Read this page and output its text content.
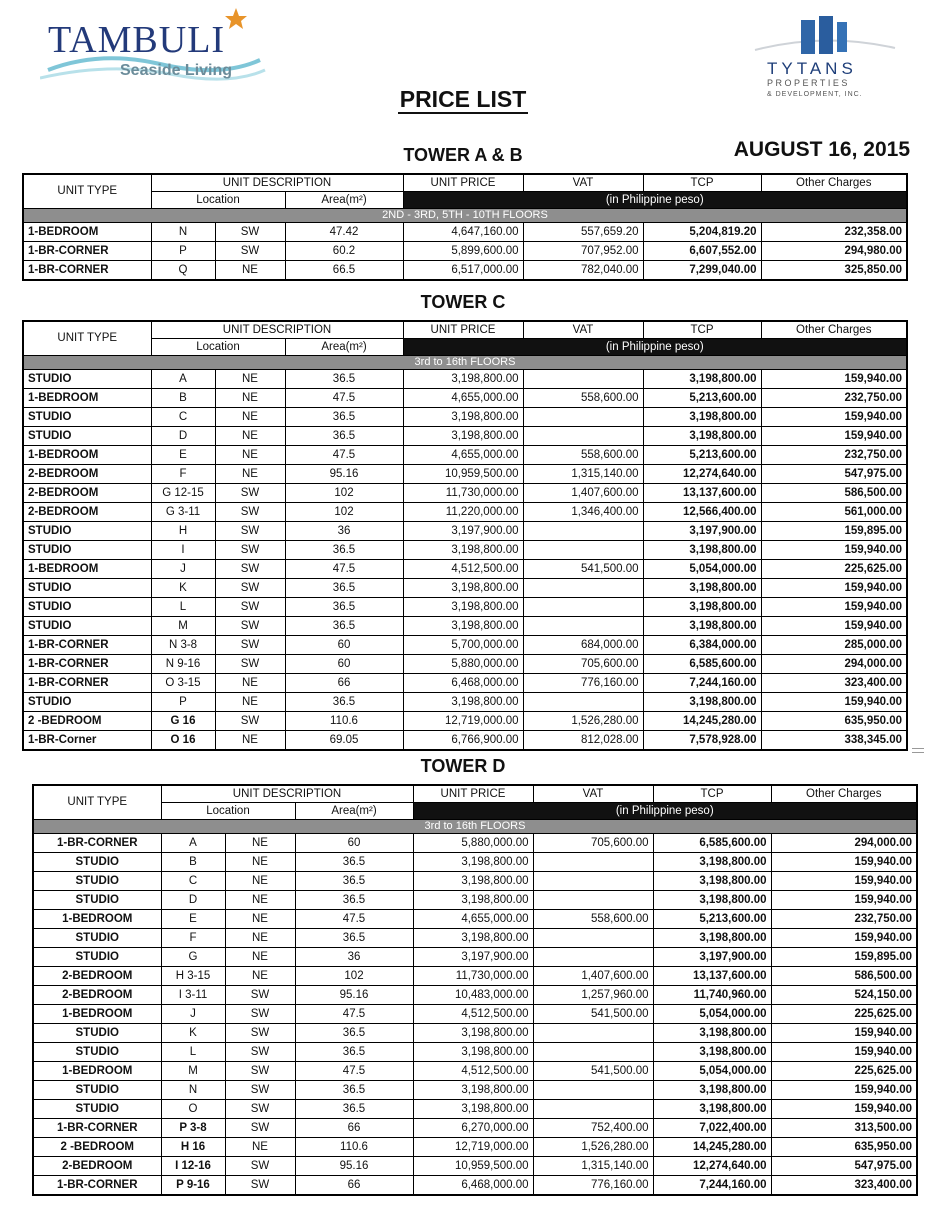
TAMBULI
Seaside Living	TYTANS
PROPERTIES
& DEVELOPMENT, INC.
PRICE LIST
AUGUST 16, 2015
TOWER A & B
TOWER C
TOWER D
UNIT TYPE	UNIT DESCRIPTION			UNIT PRICE	VAT	TCP	Other Charges
	Location		Area(m²)	(in Philippine peso)			
2ND - 3RD, 5TH - 10TH FLOORS							
1-BEDROOM	N	SW	47.42	4,647,160.00	557,659.20	5,204,819.20	232,358.00
1-BR-CORNER	P	SW	60.2	5,899,600.00	707,952.00	6,607,552.00	294,980.00
1-BR-CORNER	Q	NE	66.5	6,517,000.00	782,040.00	7,299,040.00	325,850.00
UNIT TYPE	UNIT DESCRIPTION			UNIT PRICE	VAT	TCP	Other Charges
	Location		Area(m²)	(in Philippine peso)			
3rd to 16th FLOORS							
STUDIO	A	NE	36.5	3,198,800.00		3,198,800.00	159,940.00
1-BEDROOM	B	NE	47.5	4,655,000.00	558,600.00	5,213,600.00	232,750.00
STUDIO	C	NE	36.5	3,198,800.00		3,198,800.00	159,940.00
STUDIO	D	NE	36.5	3,198,800.00		3,198,800.00	159,940.00
1-BEDROOM	E	NE	47.5	4,655,000.00	558,600.00	5,213,600.00	232,750.00
2-BEDROOM	F	NE	95.16	10,959,500.00	1,315,140.00	12,274,640.00	547,975.00
2-BEDROOM	G 12-15	SW	102	11,730,000.00	1,407,600.00	13,137,600.00	586,500.00
2-BEDROOM	G 3-11	SW	102	11,220,000.00	1,346,400.00	12,566,400.00	561,000.00
STUDIO	H	SW	36	3,197,900.00		3,197,900.00	159,895.00
STUDIO	I	SW	36.5	3,198,800.00		3,198,800.00	159,940.00
1-BEDROOM	J	SW	47.5	4,512,500.00	541,500.00	5,054,000.00	225,625.00
STUDIO	K	SW	36.5	3,198,800.00		3,198,800.00	159,940.00
STUDIO	L	SW	36.5	3,198,800.00		3,198,800.00	159,940.00
STUDIO	M	SW	36.5	3,198,800.00		3,198,800.00	159,940.00
1-BR-CORNER	N 3-8	SW	60	5,700,000.00	684,000.00	6,384,000.00	285,000.00
1-BR-CORNER	N 9-16	SW	60	5,880,000.00	705,600.00	6,585,600.00	294,000.00
1-BR-CORNER	O 3-15	NE	66	6,468,000.00	776,160.00	7,244,160.00	323,400.00
STUDIO	P	NE	36.5	3,198,800.00		3,198,800.00	159,940.00
2 -BEDROOM	G 16	SW	110.6	12,719,000.00	1,526,280.00	14,245,280.00	635,950.00
1-BR-Corner	O 16	NE	69.05	6,766,900.00	812,028.00	7,578,928.00	338,345.00
UNIT TYPE	UNIT DESCRIPTION			UNIT PRICE	VAT	TCP	Other Charges
	Location		Area(m²)	(in Philippine peso)			
3rd to 16th FLOORS							
1-BR-CORNER	A	NE	60	5,880,000.00	705,600.00	6,585,600.00	294,000.00
STUDIO	B	NE	36.5	3,198,800.00		3,198,800.00	159,940.00
STUDIO	C	NE	36.5	3,198,800.00		3,198,800.00	159,940.00
STUDIO	D	NE	36.5	3,198,800.00		3,198,800.00	159,940.00
1-BEDROOM	E	NE	47.5	4,655,000.00	558,600.00	5,213,600.00	232,750.00
STUDIO	F	NE	36.5	3,198,800.00		3,198,800.00	159,940.00
STUDIO	G	NE	36	3,197,900.00		3,197,900.00	159,895.00
2-BEDROOM	H 3-15	NE	102	11,730,000.00	1,407,600.00	13,137,600.00	586,500.00
2-BEDROOM	I 3-11	SW	95.16	10,483,000.00	1,257,960.00	11,740,960.00	524,150.00
1-BEDROOM	J	SW	47.5	4,512,500.00	541,500.00	5,054,000.00	225,625.00
STUDIO	K	SW	36.5	3,198,800.00		3,198,800.00	159,940.00
STUDIO	L	SW	36.5	3,198,800.00		3,198,800.00	159,940.00
1-BEDROOM	M	SW	47.5	4,512,500.00	541,500.00	5,054,000.00	225,625.00
STUDIO	N	SW	36.5	3,198,800.00		3,198,800.00	159,940.00
STUDIO	O	SW	36.5	3,198,800.00		3,198,800.00	159,940.00
1-BR-CORNER	P 3-8	SW	66	6,270,000.00	752,400.00	7,022,400.00	313,500.00
2 -BEDROOM	H 16	NE	110.6	12,719,000.00	1,526,280.00	14,245,280.00	635,950.00
2-BEDROOM	I 12-16	SW	95.16	10,959,500.00	1,315,140.00	12,274,640.00	547,975.00
1-BR-CORNER	P 9-16	SW	66	6,468,000.00	776,160.00	7,244,160.00	323,400.00
